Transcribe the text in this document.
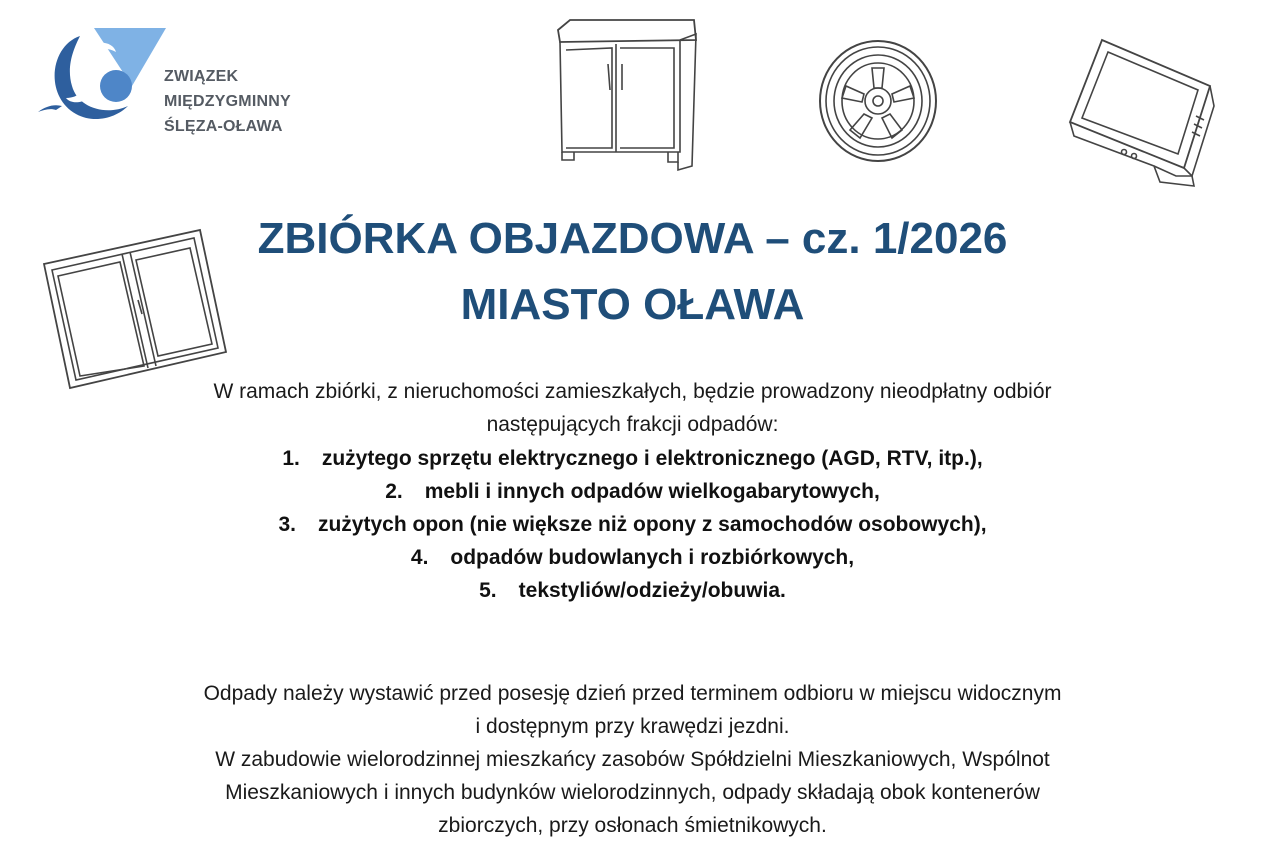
ZWIĄZEK MIĘDZYGMINNY
ŚLĘZA-OŁAWA
ZBIÓRKA OBJAZDOWA – cz. 1/2026
MIASTO OŁAWA
W ramach zbiórki, z nieruchomości zamieszkałych, będzie prowadzony nieodpłatny odbiór
następujących frakcji odpadów:
1. zużytego sprzętu elektrycznego i elektronicznego (AGD, RTV, itp.),
2. mebli i innych odpadów wielkogabarytowych,
3. zużytych opon (nie większe niż opony z samochodów osobowych),
4. odpadów budowlanych i rozbiórkowych,
5. tekstyliów/odzieży/obuwia.
Odpady należy wystawić przed posesję dzień przed terminem odbioru w miejscu widocznym
i dostępnym przy krawędzi jezdni.
W zabudowie wielorodzinnej mieszkańcy zasobów Spółdzielni Mieszkaniowych, Wspólnot
Mieszkaniowych i innych budynków wielorodzinnych, odpady składają obok kontenerów
zbiorczych, przy osłonach śmietnikowych.
